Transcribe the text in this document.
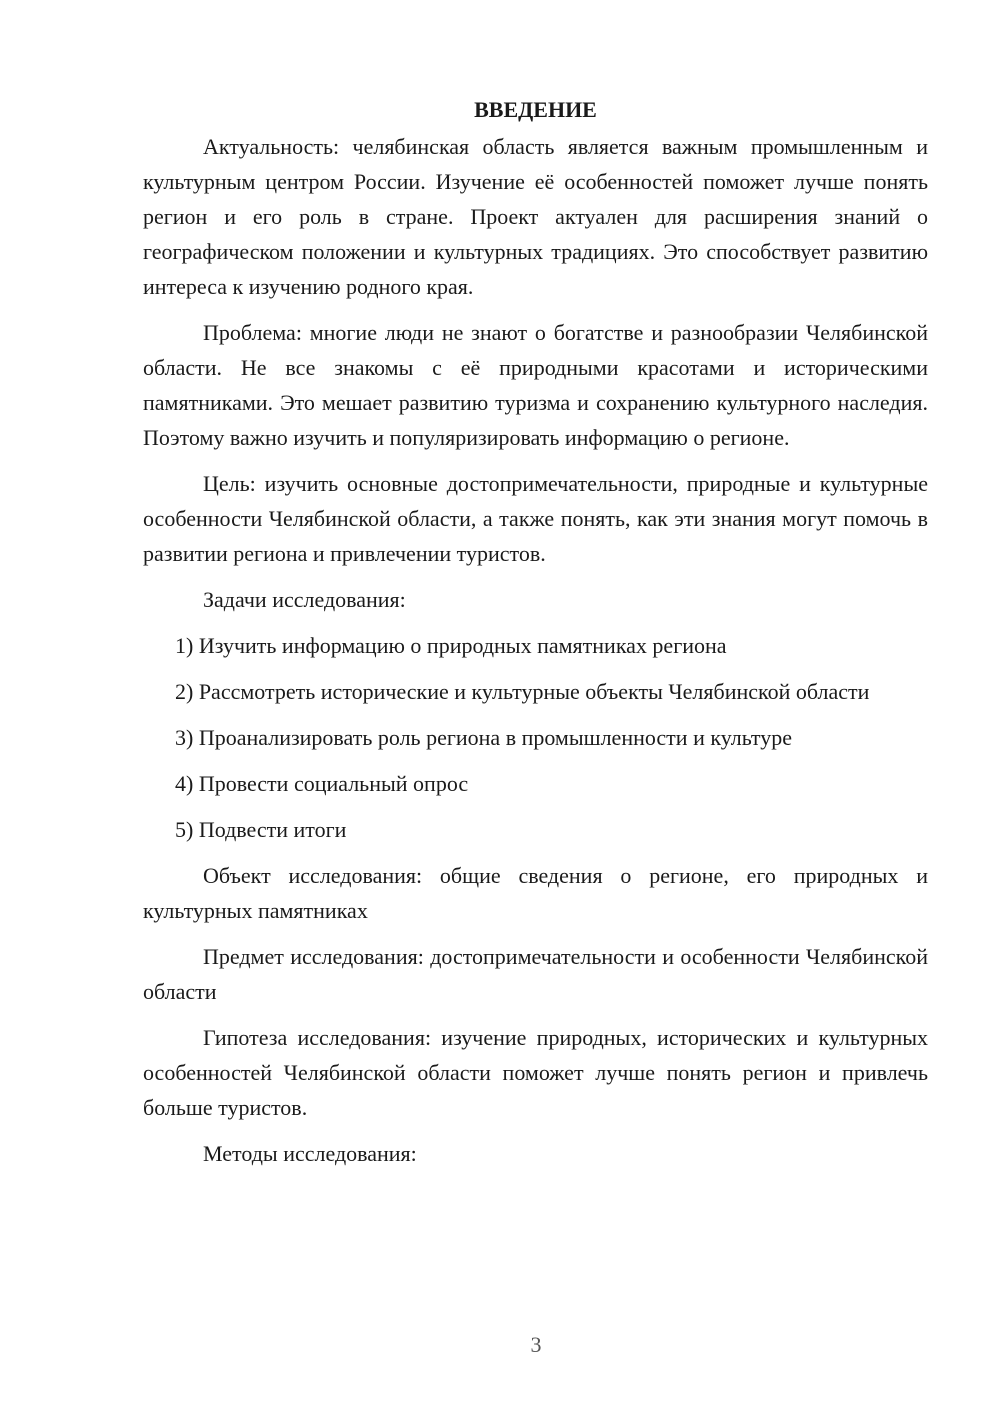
ВВЕДЕНИЕ

Актуальность: челябинская область является важным промышленным и культурным центром России. Изучение её особенностей поможет лучше понять регион и его роль в стране. Проект актуален для расширения знаний о географическом положении и культурных традициях. Это способствует развитию интереса к изучению родного края.

Проблема: многие люди не знают о богатстве и разнообразии Челябинской области. Не все знакомы с её природными красотами и историческими памятниками. Это мешает развитию туризма и сохранению культурного наследия. Поэтому важно изучить и популяризировать информацию о регионе.

Цель: изучить основные достопримечательности, природные и культурные особенности Челябинской области, а также понять, как эти знания могут помочь в развитии региона и привлечении туристов.

Задачи исследования:

1) Изучить информацию о природных памятниках региона

2) Рассмотреть исторические и культурные объекты Челябинской области

3) Проанализировать роль региона в промышленности и культуре

4) Провести социальный опрос

5) Подвести итоги

Объект исследования: общие сведения о регионе, его природных и культурных памятниках

Предмет исследования: достопримечательности и особенности Челябинской области

Гипотеза исследования: изучение природных, исторических и культурных особенностей Челябинской области поможет лучше понять регион и привлечь больше туристов.

Методы исследования:

3
